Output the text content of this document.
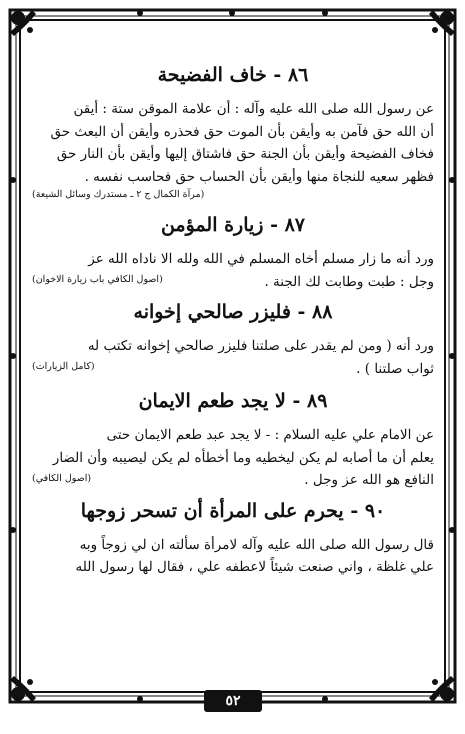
٨٦ - خاف الفضيحة
عن رسول الله صلى الله عليه وآله : أن علامة الموقن ستة : أيقن
أن الله حق فآمن به وأيقن بأن الموت حق فحذره وأيقن أن البعث حق
فخاف الفضيحة وأيقن بأن الجنة حق فاشتاق إليها وأيقن بأن النار حق
فظهر سعيه للنجاة منها وأيقن بأن الحساب حق فحاسب نفسه .
(مرآة الكمال ج ٢ ـ مستدرك وسائل الشيعة)
٨٧ - زيارة المؤمن
ورد أنه ما زار مسلم أخاه المسلم في الله ولله الا ناداه الله عز
وجل : طبت وطابت لك الجنة .
(اصول الكافي باب زيارة الاخوان)
٨٨ - فليزر صالحي إخوانه
ورد أنه ( ومن لم يقدر على صلتنا فليزر صالحي إخوانه تكتب له
ثواب صلتنا ) .
(كامل الزيارات)
٨٩ - لا يجد طعم الايمان
عن الامام علي عليه السلام : - لا يجد عبد طعم الايمان حتى
يعلم أن ما أصابه لم يكن ليخطيه وما أخطأه لم يكن ليصيبه وأن الضار
النافع هو الله عز وجل .
(اصول الكافي)
٩٠ - يحرم على المرأة أن تسحر زوجها
قال رسول الله صلى الله عليه وآله لامرأة سألته ان لي زوجاً وبه
علي غلظة ، واني صنعت شيئاً لاعطفه علي ، فقال لها رسول الله
٥٢
